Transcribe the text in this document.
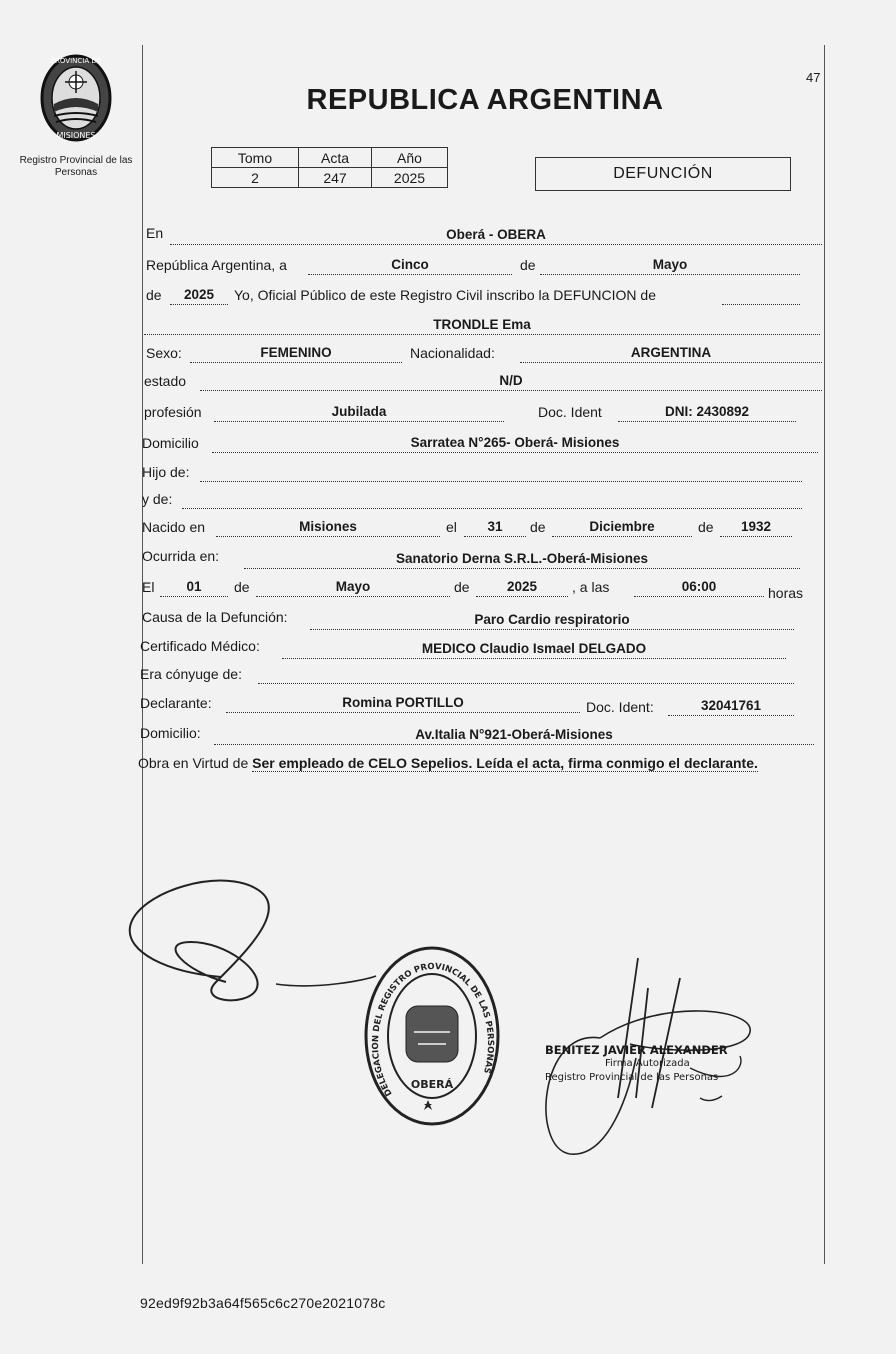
PROVINCIA DE
MISIONES
Registro Provincial de las Personas
47
REPUBLICA ARGENTINA
Tomo	Acta	Año
2	247	2025	DEFUNCIÓN
En	Oberá - OBERA
República Argentina, a	Cinco	de	Mayo
de	2025	Yo, Oficial Público de este Registro Civil inscribo la DEFUNCION de
TRONDLE Ema
Sexo:	FEMENINO	Nacionalidad:	ARGENTINA
estado	N/D
profesión	Jubilada	Doc. Ident	DNI: 2430892
Domicilio	Sarratea N°265- Oberá- Misiones
Hijo de:
y de:
Nacido en	Misiones	el	31	de	Diciembre	de	1932
Ocurrida en:	Sanatorio Derna S.R.L.-Oberá-Misiones
El	01	de	Mayo	de	2025	, a las	06:00	horas
Causa de la Defunción:	Paro Cardio respiratorio
Certificado Médico:	MEDICO Claudio Ismael DELGADO
Era cónyuge de:
Declarante:	Romina PORTILLO	Doc. Ident:	32041761
Domicilio:	Av.Italia N°921-Oberá-Misiones
Obra en Virtud de Ser empleado de CELO Sepelios. Leída el acta, firma conmigo el declarante.
DELEGACION DEL REGISTRO PROVINCIAL DE LAS PERSONAS
OBERÁ
BENITEZ JAVIER ALEXANDER
Firma Autorizada
Registro Provincial de las Personas
92ed9f92b3a64f565c6c270e2021078c
